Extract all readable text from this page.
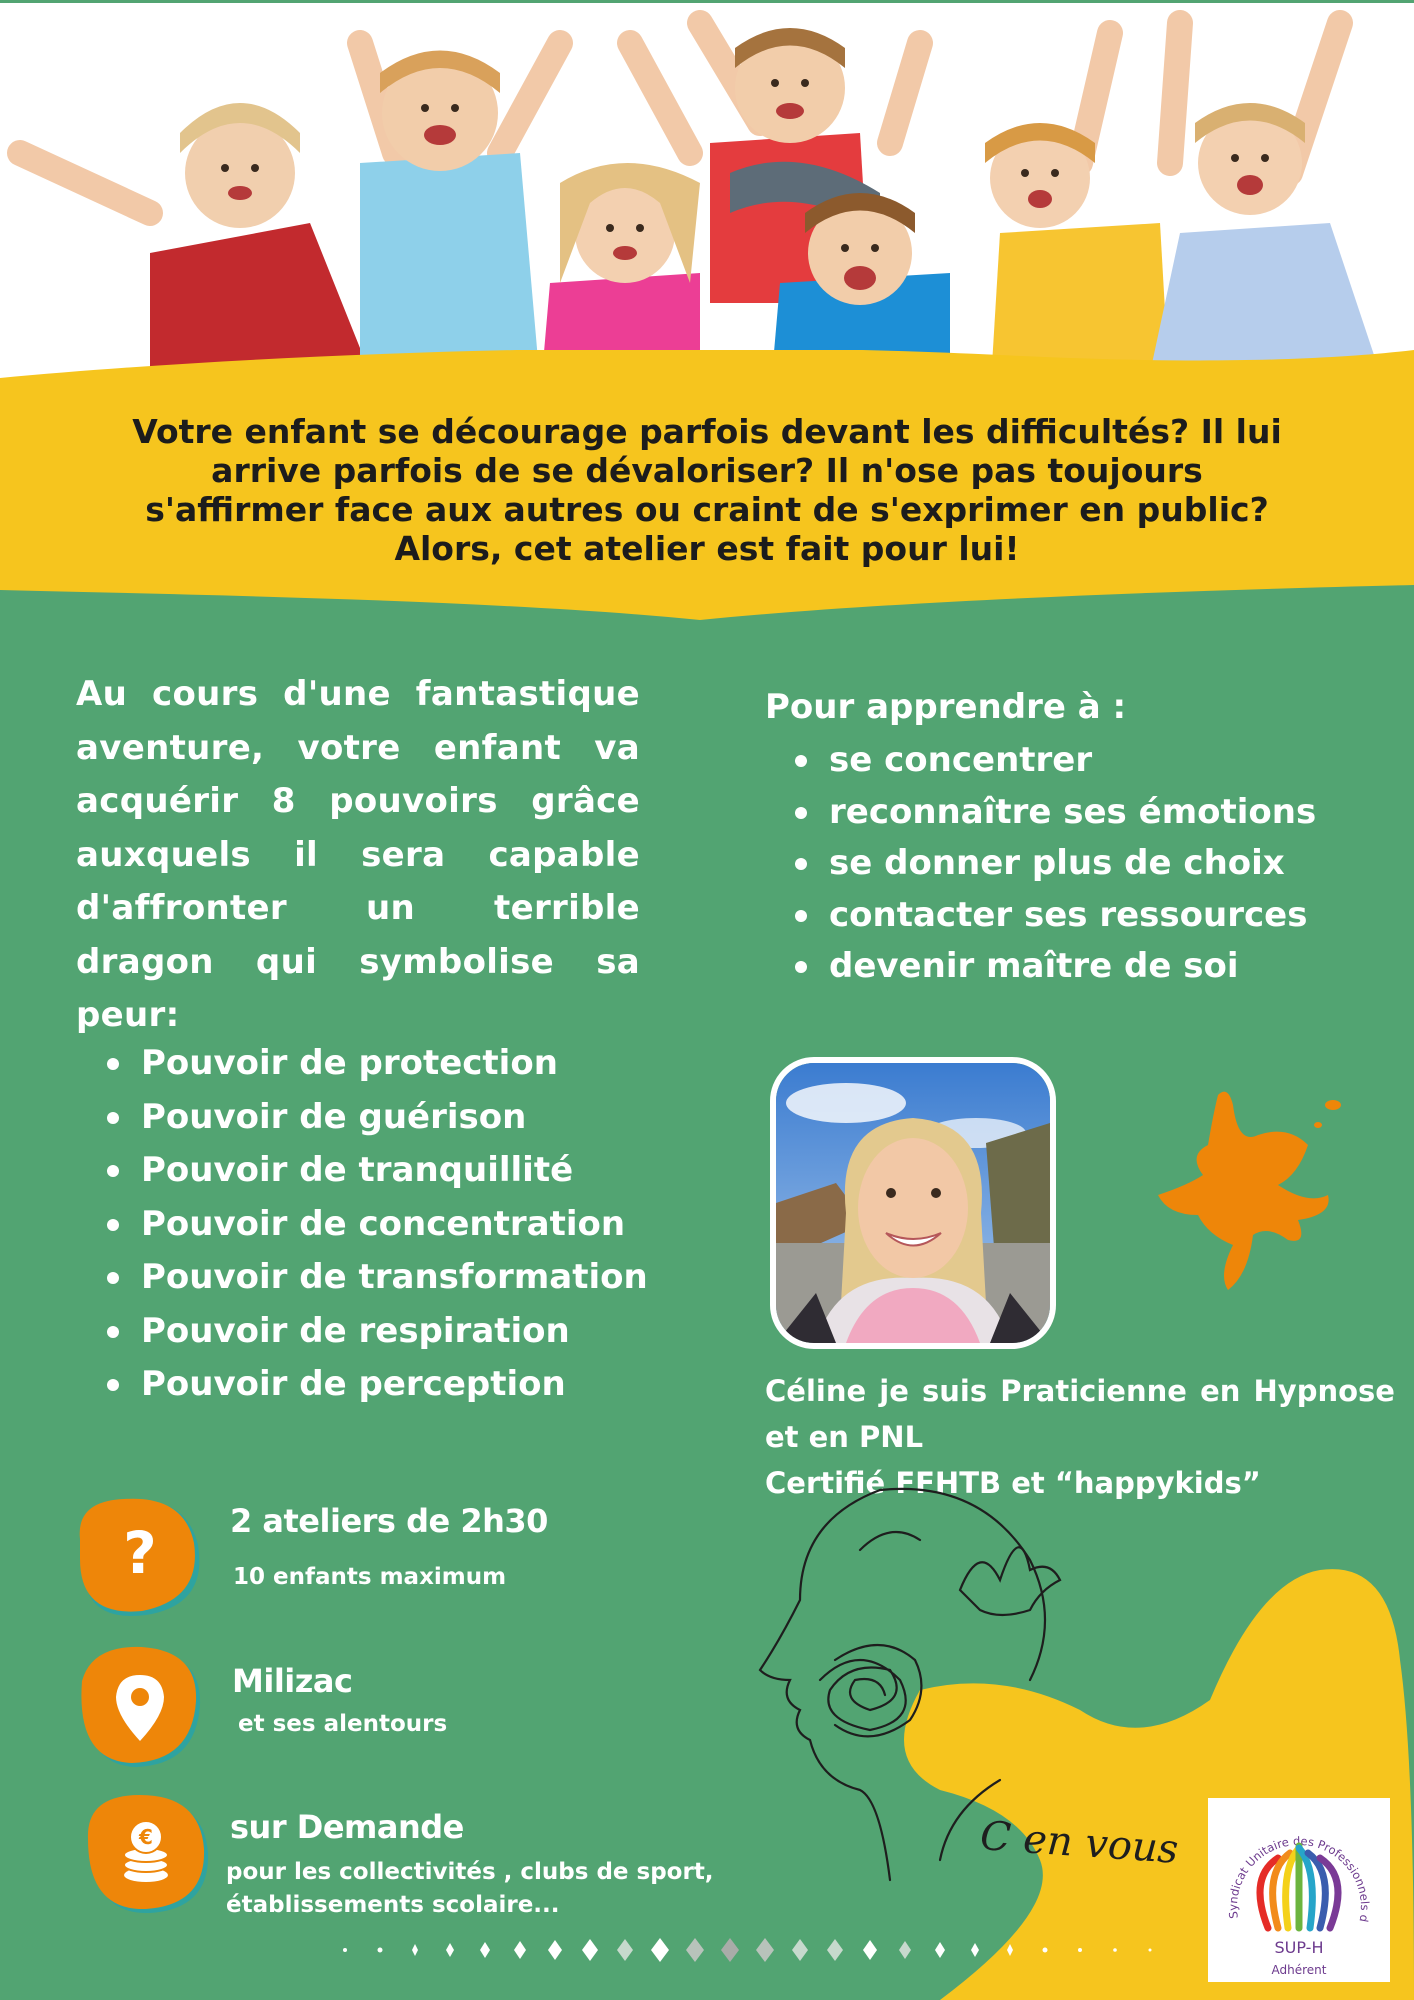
Votre enfant se décourage parfois devant les difficultés? Il lui arrive parfois de se dévaloriser? Il n'ose pas toujours s'affirmer face aux autres ou craint de s'exprimer en public? Alors, cet atelier est fait pour lui!
Au cours d'une fantastique aventure, votre enfant va acquérir 8 pouvoirs grâce auxquels il sera capable d'affronter un terrible dragon qui symbolise sa peur:
Pouvoir de protection
Pouvoir de guérison
Pouvoir de tranquillité
Pouvoir de concentration
Pouvoir de transformation
Pouvoir de respiration
Pouvoir de perception
Pour apprendre à :
se concentrer
reconnaître ses émotions
se donner plus de choix
contacter ses ressources
devenir maître de soi
Céline je suis Praticienne en Hypnose
et en PNL
Certifié FFHTB et “happykids”
C en vous
? 2 ateliers de 2h30
10 enfants maximum
Milizac
et ses alentours
€ sur Demande
pour les collectivités , clubs de sport,
établissements scolaire...	Syndicat Unitaire des Professionnels d
SUP-H
Adhérent
